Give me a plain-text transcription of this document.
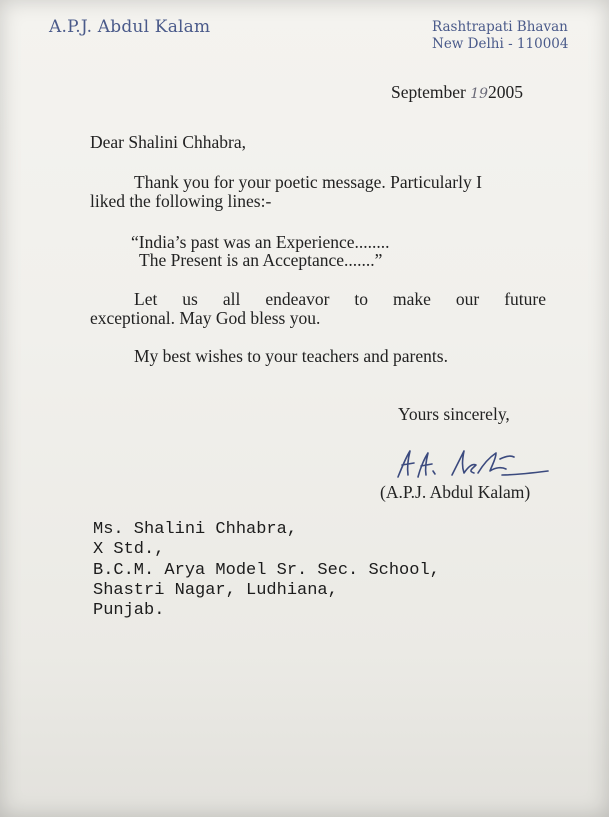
A.P.J. Abdul Kalam	Rashtrapati Bhavan
New Delhi - 110004
September 192005
Dear Shalini Chhabra,
Thank you for your poetic message. Particularly I
liked the following lines:-
“India’s past was an Experience........
The Present is an Acceptance.......”
Let us all endeavor to make our future
exceptional. May God bless you.
My best wishes to your teachers and parents.
Yours sincerely,
(A.P.J. Abdul Kalam)
Ms. Shalini Chhabra,
X Std.,
B.C.M. Arya Model Sr. Sec. School,
Shastri Nagar, Ludhiana,
Punjab.
